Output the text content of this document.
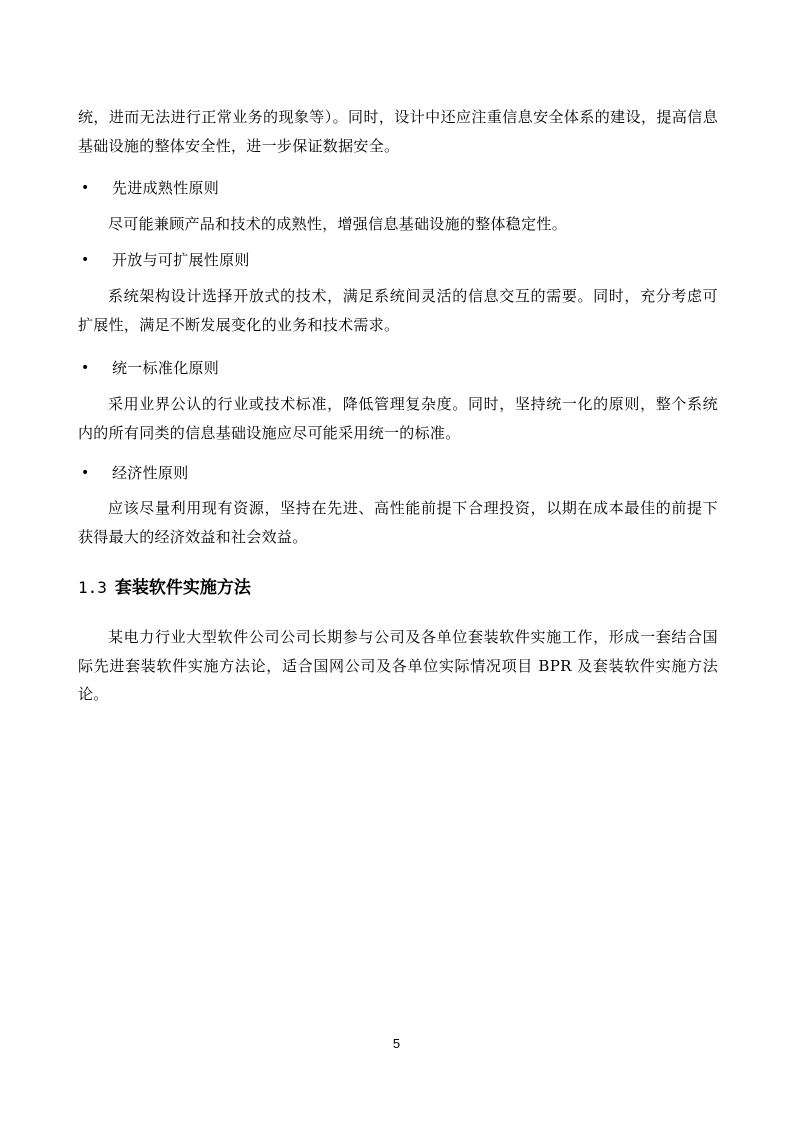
统，进而无法进行正常业务的现象等）。同时，设计中还应注重信息安全体系的建设，提高信息基础设施的整体安全性，进一步保证数据安全。
• 先进成熟性原则
尽可能兼顾产品和技术的成熟性，增强信息基础设施的整体稳定性。
• 开放与可扩展性原则
系统架构设计选择开放式的技术，满足系统间灵活的信息交互的需要。同时，充分考虑可扩展性，满足不断发展变化的业务和技术需求。
• 统一标准化原则
采用业界公认的行业或技术标准，降低管理复杂度。同时，坚持统一化的原则，整个系统内的所有同类的信息基础设施应尽可能采用统一的标准。
• 经济性原则
应该尽量利用现有资源，坚持在先进、高性能前提下合理投资，以期在成本最佳的前提下获得最大的经济效益和社会效益。
1.3 套装软件实施方法
某电力行业大型软件公司公司长期参与公司及各单位套装软件实施工作，形成一套结合国际先进套装软件实施方法论，适合国网公司及各单位实际情况项目 BPR 及套装软件实施方法论。
5
